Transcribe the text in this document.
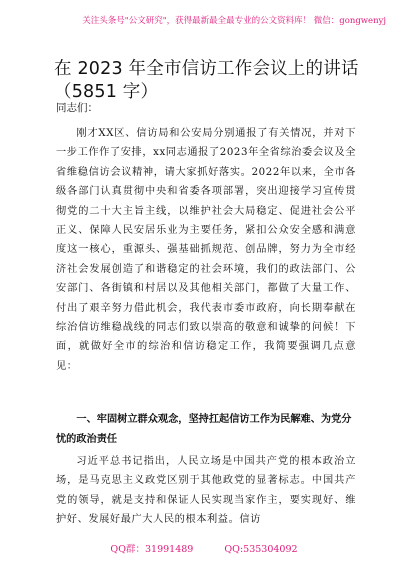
关注头条号"公文研究"，获得最新最全最专业的公文资料库！ 微信：gongwenyj
在 2023 年全市信访工作会议上的讲话（5851 字）
同志们：

刚才XX区、信访局和公安局分别通报了有关情况，并对下一步工作作了安排，xx同志通报了2023年全省综治委会议及全省维稳信访会议精神，请大家抓好落实。2022年以来，全市各级各部门认真贯彻中央和省委各项部署，突出迎接学习宣传贯彻党的二十大主旨主线，以维护社会大局稳定、促进社会公平正义、保障人民安居乐业为主要任务，紧扣公众安全感和满意度这一核心，重源头、强基础抓规范、创品牌，努力为全市经济社会发展创造了和谐稳定的社会环境，我们的政法部门、公安部门、各街镇和村居以及其他相关部门，都做了大量工作、付出了艰辛努力借此机会，我代表市委市政府，向长期奉献在综治信访维稳战线的同志们致以崇高的敬意和诚挚的问候！下面，就做好全市的综治和信访稳定工作，我简要强调几点意见：

一、牢固树立群众观念，坚持扛起信访工作为民解难、为党分忧的政治责任

习近平总书记指出，人民立场是中国共产党的根本政治立场，是马克思主义政党区别于其他政党的显著标志。中国共产党的领导，就是支持和保证人民实现当家作主，要实现好、维护好、发展好最广大人民的根本利益。信访

QQ群：31991489	QQ:535304092
